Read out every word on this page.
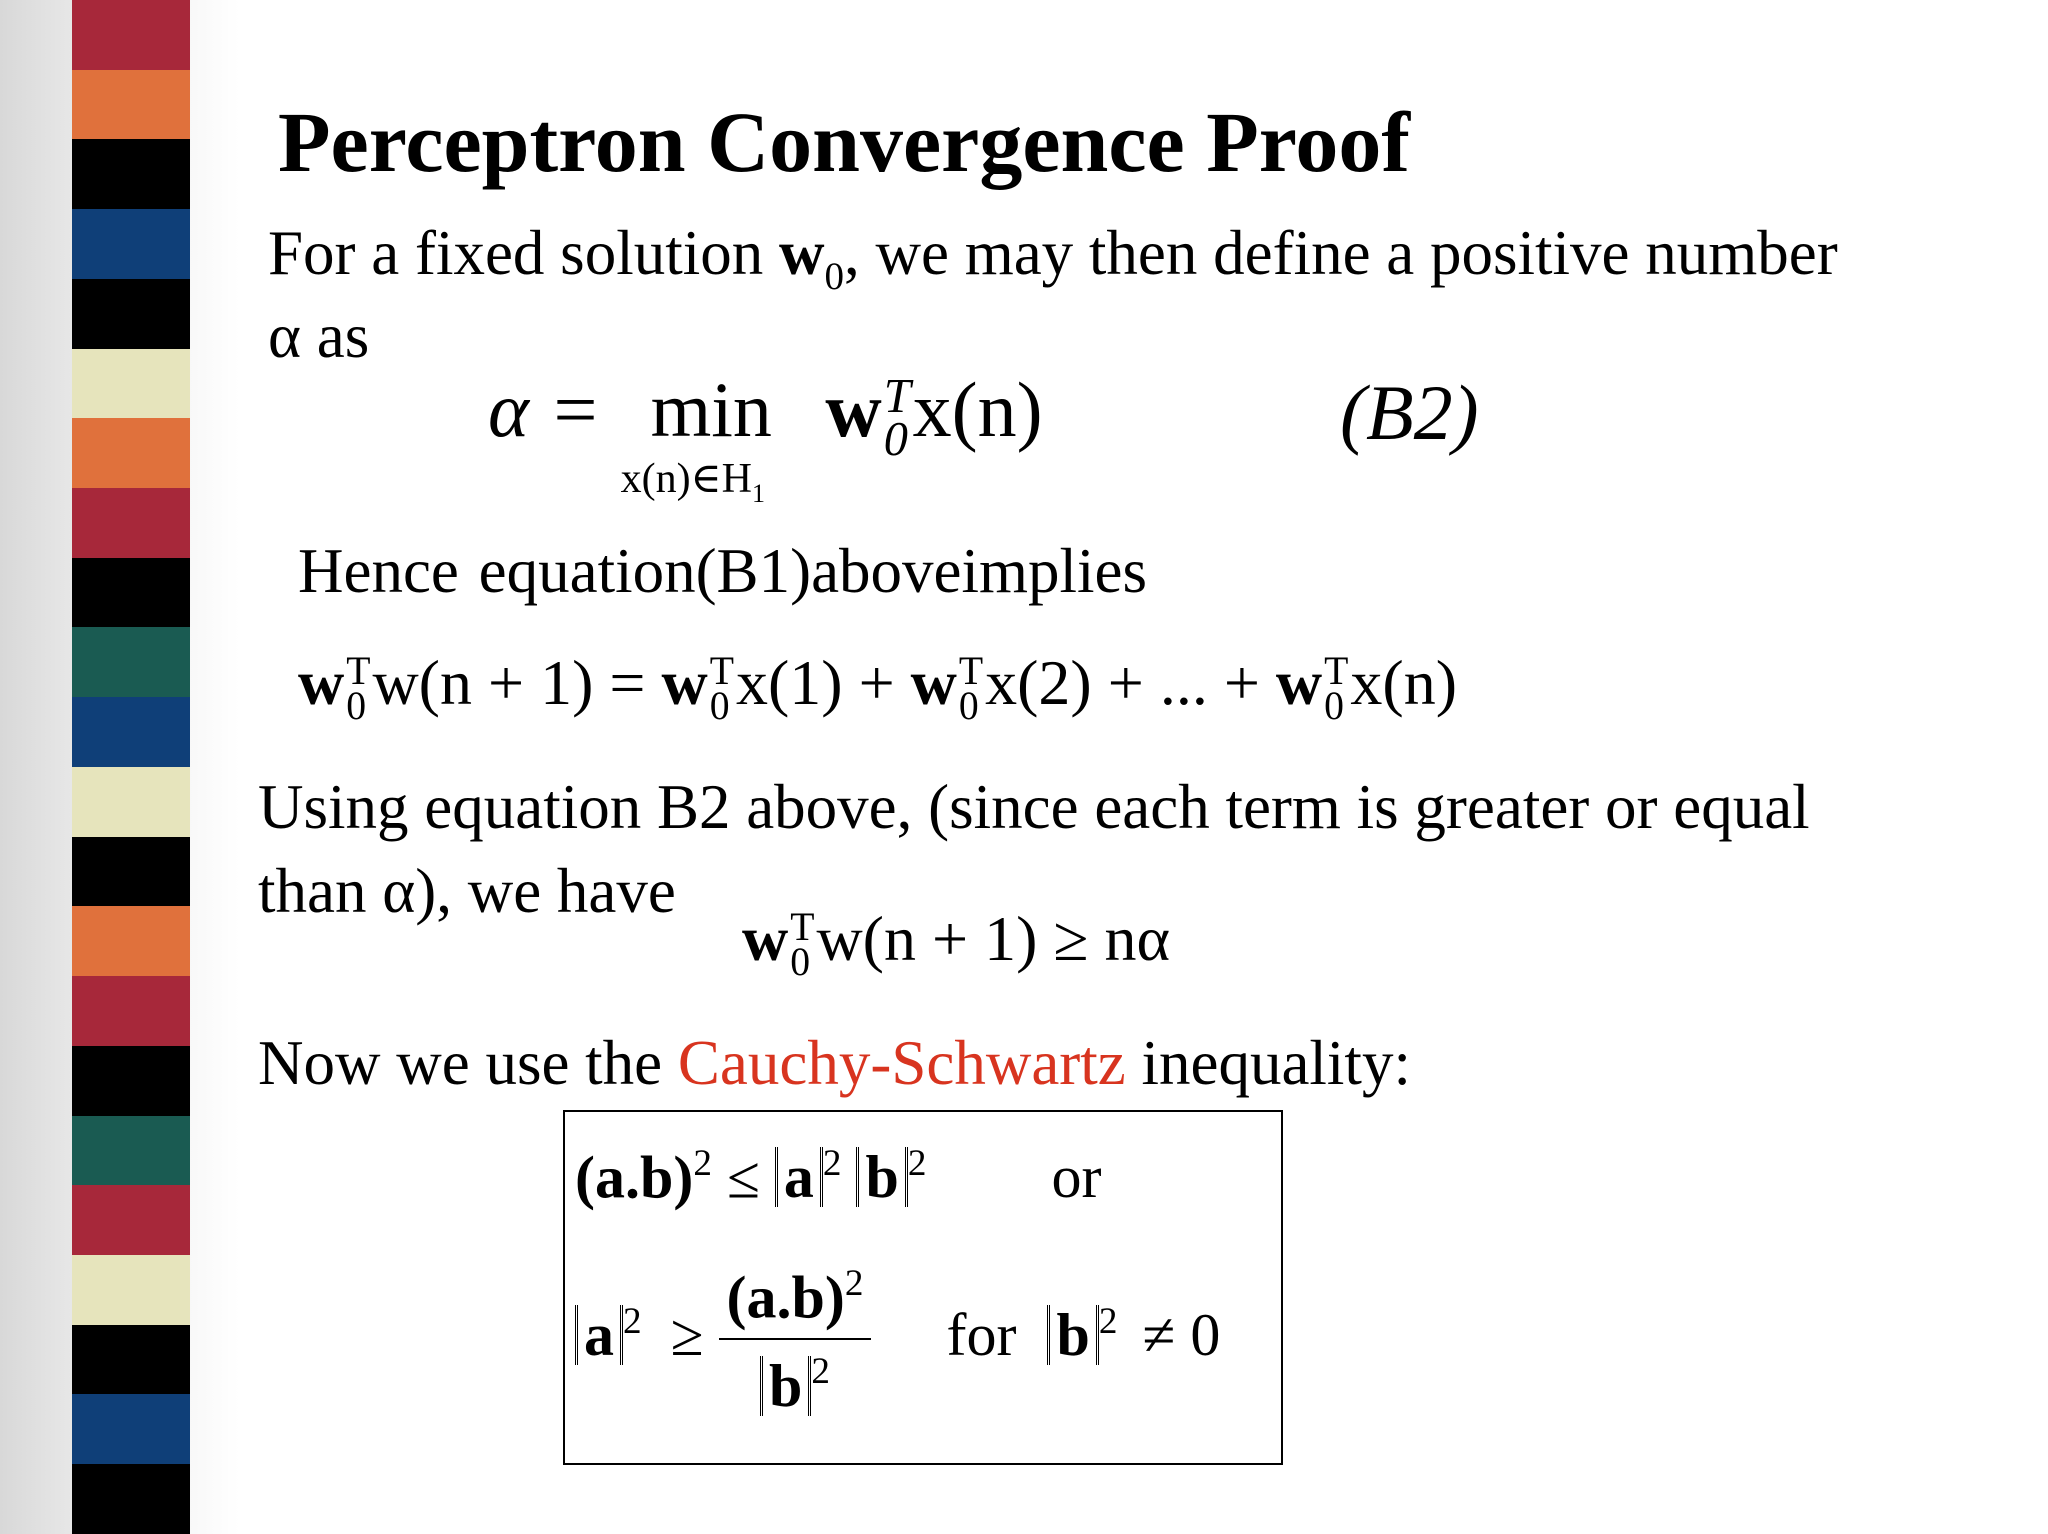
Perceptron Convergence Proof
For a fixed solution $w_0$, we may then define a positive number
α as
α = min
$x(n)\in H_1$
w T
0 x(n)	(B2)
Hence equation(B1)aboveimplies
w T
0 w(n + 1) = w T
0 x(1) + w T
0 x(2) + ... + w T
0 x(n)
Using equation B2 above, (since each term is greater or equal
than α), we have
w T
0 w(n + 1) ≥ nα
Now we use the Cauchy-Schwartz inequality:
$(a.b)^2 \le a$ $^2$ b $^2$ or
a $^2 \ge \frac{(a.b)^2}{b ^2}$ for b $^2$ ≠ 0
